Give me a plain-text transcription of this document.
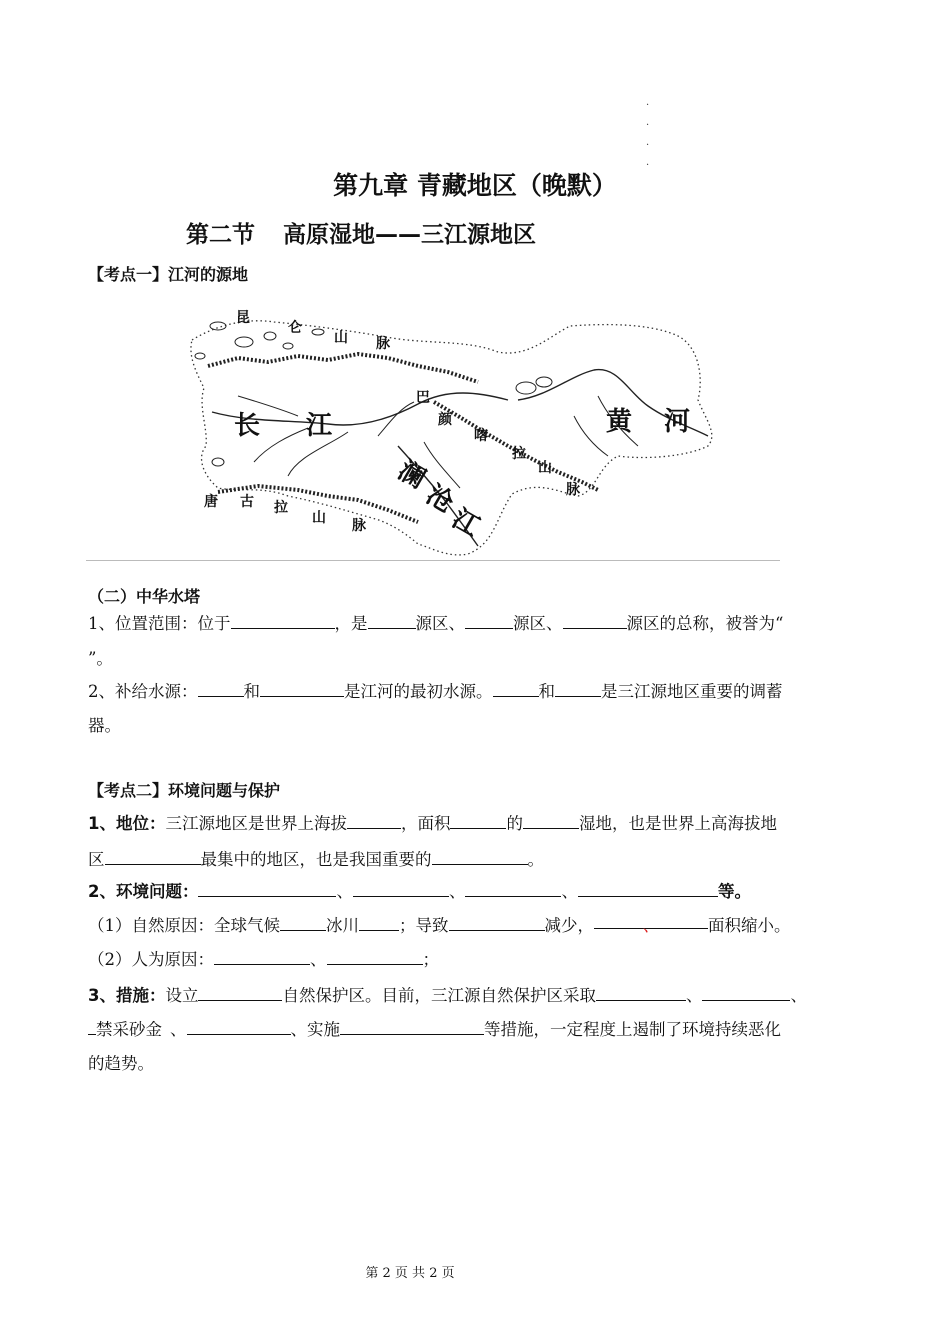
·
·
·
·
第九章 青藏地区（晚默）
第二节 高原湿地——三江源地区
【考点一】江河的源地
昆
仑
山 脉
巴
颜
喀
拉
山
脉
唐 古 拉
山 脉
长 江	黄 河
澜
沧
江
（二）中华水塔
1、位置范围：位于	，是	源区、	源区、	源区的总称，被誉为“
”。
2、补给水源：	和	是江河的最初水源。	和	是三江源地区重要的调蓄
器。
【考点二】环境问题与保护
1、地位：三江源地区是世界上海拔	，面积	的	湿地，也是世界上高海拔地
区	最集中的地区，也是我国重要的	。
2、环境问题：	、	、	、	等。
（1）自然原因：全球气候	冰川 ；导致	减少，	、	面积缩小。
（2）人为原因：	、	；
3、措施：设立	自然保护区。目前，三江源自然保护区采取	、	、
禁采砂金 、	、实施	等措施，一定程度上遏制了环境持续恶化
的趋势。
第 2 页 共 2 页
